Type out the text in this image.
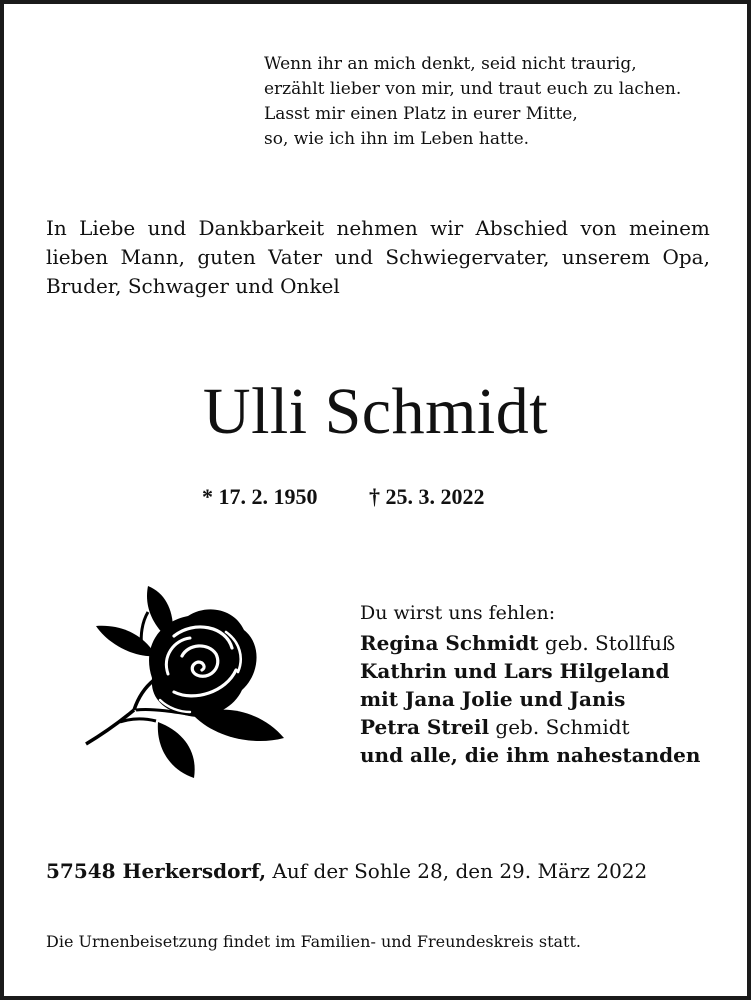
Wenn ihr an mich denkt, seid nicht traurig,
erzählt lieber von mir, und traut euch zu lachen.
Lasst mir einen Platz in eurer Mitte,
so, wie ich ihn im Leben hatte.
In Liebe und Dankbarkeit nehmen wir Abschied von meinem
lieben Mann, guten Vater und Schwiegervater, unserem Opa,
Bruder, Schwager und Onkel
Ulli Schmidt
* 17. 2. 1950 † 25. 3. 2022
Du wirst uns fehlen:
Regina Schmidt geb. Stollfuß
Kathrin und Lars Hilgeland
mit Jana Jolie und Janis
Petra Streil geb. Schmidt
und alle, die ihm nahestanden
57548 Herkersdorf, Auf der Sohle 28, den 29. März 2022
Die Urnenbeisetzung findet im Familien- und Freundeskreis statt.
